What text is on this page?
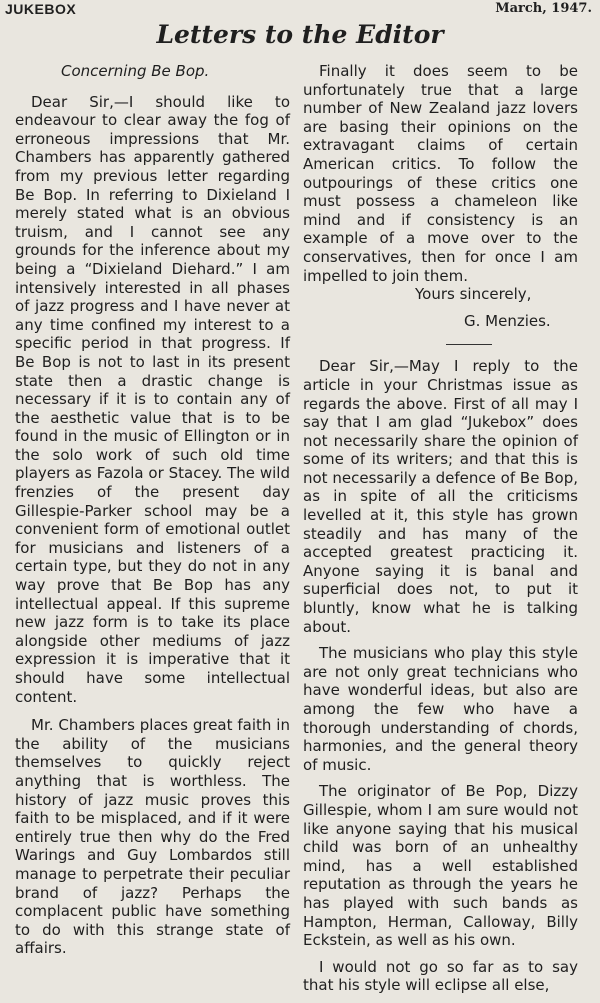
JUKEBOX	March, 1947.
Letters to the Editor

Concerning Be Bop.

Dear Sir,—I should like to endeavour to clear away the fog of erroneous impressions that Mr. Chambers has apparently gathered from my previous letter regarding Be Bop. In referring to Dixieland I merely stated what is an obvious truism, and I cannot see any grounds for the inference about my being a “Dixieland Diehard.” I am intensively interested in all phases of jazz progress and I have never at any time confined my interest to a specific period in that progress. If Be Bop is not to last in its present state then a drastic change is necessary if it is to contain any of the aesthetic value that is to be found in the music of Ellington or in the solo work of such old time players as Fazola or Stacey. The wild frenzies of the present day Gillespie-Parker school may be a convenient form of emotional outlet for musicians and listeners of a certain type, but they do not in any way prove that Be Bop has any intellectual appeal. If this supreme new jazz form is to take its place alongside other mediums of jazz expression it is imperative that it should have some intellectual content.

Mr. Chambers places great faith in the ability of the musicians themselves to quickly reject anything that is worthless. The history of jazz music proves this faith to be misplaced, and if it were entirely true then why do the Fred Warings and Guy Lombardos still manage to perpetrate their peculiar brand of jazz? Perhaps the complacent public have something to do with this strange state of affairs.

Finally it does seem to be unfortunately true that a large number of New Zealand jazz lovers are basing their opinions on the extravagant claims of certain American critics. To follow the outpourings of these critics one must possess a chameleon like mind and if consistency is an example of a move over to the conservatives, then for once I am impelled to join them.

Yours sincerely,

G. Menzies.

Dear Sir,—May I reply to the article in your Christmas issue as regards the above. First of all may I say that I am glad “Jukebox” does not necessarily share the opinion of some of its writers; and that this is not necessarily a defence of Be Bop, as in spite of all the criticisms levelled at it, this style has grown steadily and has many of the accepted greatest practicing it. Anyone saying it is banal and superficial does not, to put it bluntly, know what he is talking about.

The musicians who play this style are not only great technicians who have wonderful ideas, but also are among the few who have a thorough understanding of chords, harmonies, and the general theory of music.

The originator of Be Pop, Dizzy Gillespie, whom I am sure would not like anyone saying that his musical child was born of an unhealthy mind, has a well established reputation as through the years he has played with such bands as Hampton, Herman, Calloway, Billy Eckstein, as well as his own.

I would not go so far as to say that his style will eclipse all else,
